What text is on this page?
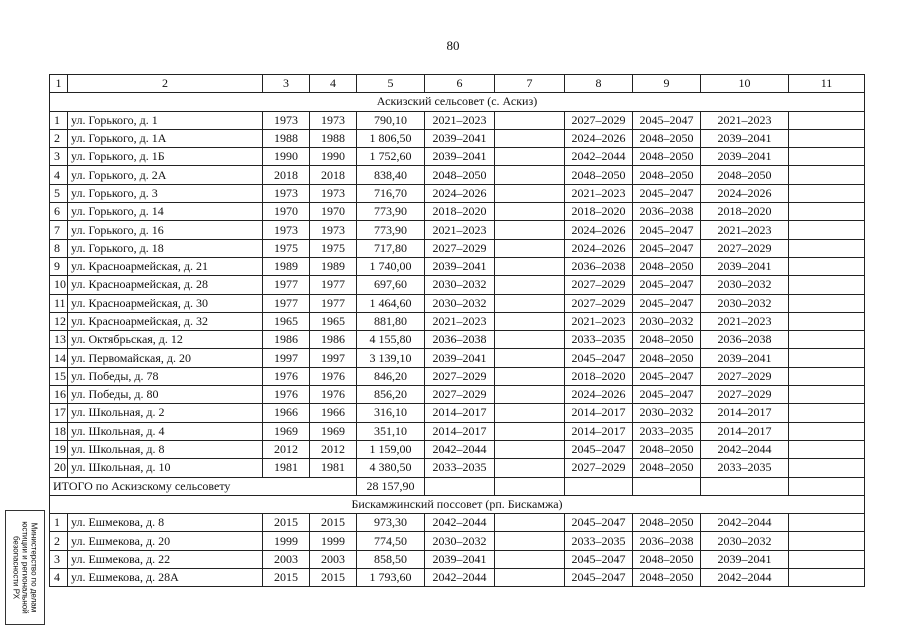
80
1	2	3	4	5	6	7	8	9	10	11
Аскизский сельсовет (с. Аскиз)										
1	ул. Горького, д. 1	1973	1973	790,10	2021–2023		2027–2029	2045–2047	2021–2023	
2	ул. Горького, д. 1А	1988	1988	1 806,50	2039–2041		2024–2026	2048–2050	2039–2041	
3	ул. Горького, д. 1Б	1990	1990	1 752,60	2039–2041		2042–2044	2048–2050	2039–2041	
4	ул. Горького, д. 2А	2018	2018	838,40	2048–2050		2048–2050	2048–2050	2048–2050	
5	ул. Горького, д. 3	1973	1973	716,70	2024–2026		2021–2023	2045–2047	2024–2026	
6	ул. Горького, д. 14	1970	1970	773,90	2018–2020		2018–2020	2036–2038	2018–2020	
7	ул. Горького, д. 16	1973	1973	773,90	2021–2023		2024–2026	2045–2047	2021–2023	
8	ул. Горького, д. 18	1975	1975	717,80	2027–2029		2024–2026	2045–2047	2027–2029	
9	ул. Красноармейская, д. 21	1989	1989	1 740,00	2039–2041		2036–2038	2048–2050	2039–2041	
10	ул. Красноармейская, д. 28	1977	1977	697,60	2030–2032		2027–2029	2045–2047	2030–2032	
11	ул. Красноармейская, д. 30	1977	1977	1 464,60	2030–2032		2027–2029	2045–2047	2030–2032	
12	ул. Красноармейская, д. 32	1965	1965	881,80	2021–2023		2021–2023	2030–2032	2021–2023	
13	ул. Октябрьская, д. 12	1986	1986	4 155,80	2036–2038		2033–2035	2048–2050	2036–2038	
14	ул. Первомайская, д. 20	1997	1997	3 139,10	2039–2041		2045–2047	2048–2050	2039–2041	
15	ул. Победы, д. 78	1976	1976	846,20	2027–2029		2018–2020	2045–2047	2027–2029	
16	ул. Победы, д. 80	1976	1976	856,20	2027–2029		2024–2026	2045–2047	2027–2029	
17	ул. Школьная, д. 2	1966	1966	316,10	2014–2017		2014–2017	2030–2032	2014–2017	
18	ул. Школьная, д. 4	1969	1969	351,10	2014–2017		2014–2017	2033–2035	2014–2017	
19	ул. Школьная, д. 8	2012	2012	1 159,00	2042–2044		2045–2047	2048–2050	2042–2044	
20	ул. Школьная, д. 10	1981	1981	4 380,50	2033–2035		2027–2029	2048–2050	2033–2035	
ИТОГО по Аскизскому сельсовету				28 157,90						
Бискамжинский поссовет (рп. Бискамжа)										
1	ул. Ешмекова, д. 8	2015	2015	973,30	2042–2044		2045–2047	2048–2050	2042–2044	
2	ул. Ешмекова, д. 20	1999	1999	774,50	2030–2032		2033–2035	2036–2038	2030–2032	
3	ул. Ешмекова, д. 22	2003	2003	858,50	2039–2041		2045–2047	2048–2050	2039–2041	
4	ул. Ешмекова, д. 28А	2015	2015	1 793,60	2042–2044		2045–2047	2048–2050	2042–2044	
Министерство по делам
юстиции и региональной
безопасности РХ
